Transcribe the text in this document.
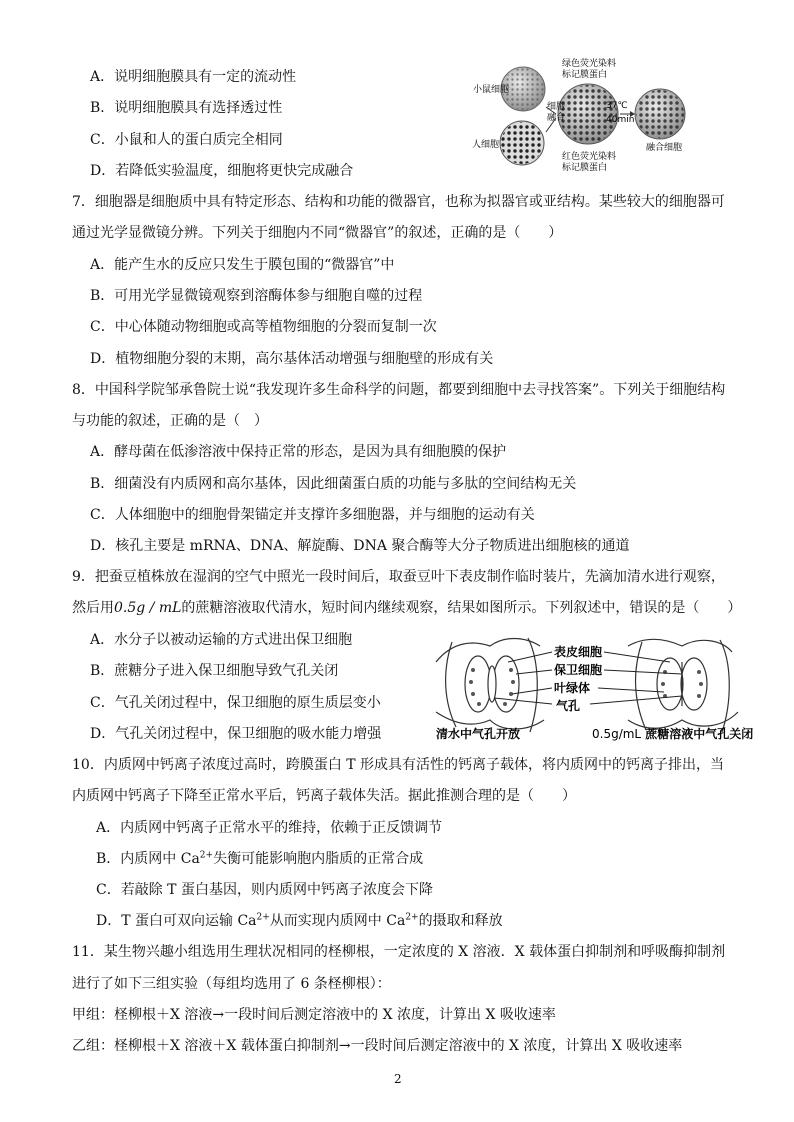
A．说明细胞膜具有一定的流动性
B．说明细胞膜具有选择透过性
C．小鼠和人的蛋白质完全相同
D．若降低实验温度，细胞将更快完成融合
小鼠细胞
人细胞
绿色荧光染料
标记膜蛋白
细胞
融合
37℃
40min
红色荧光染料
标记膜蛋白
融合细胞
7．细胞器是细胞质中具有特定形态、结构和功能的微器官，也称为拟器官或亚结构。某些较大的细胞器可
通过光学显微镜分辨。下列关于细胞内不同“微器官”的叙述，正确的是（　　）
A．能产生水的反应只发生于膜包围的“微器官”中
B．可用光学显微镜观察到溶酶体参与细胞自噬的过程
C．中心体随动物细胞或高等植物细胞的分裂而复制一次
D．植物细胞分裂的末期，高尔基体活动增强与细胞壁的形成有关
8．中国科学院邹承鲁院士说“我发现许多生命科学的问题，都要到细胞中去寻找答案”。下列关于细胞结构
与功能的叙述，正确的是（　）
A．酵母菌在低渗溶液中保持正常的形态，是因为具有细胞膜的保护
B．细菌没有内质网和高尔基体，因此细菌蛋白质的功能与多肽的空间结构无关
C．人体细胞中的细胞骨架锚定并支撑许多细胞器，并与细胞的运动有关
D．核孔主要是 mRNA、DNA、解旋酶、DNA 聚合酶等大分子物质进出细胞核的通道
9．把蚕豆植株放在湿润的空气中照光一段时间后，取蚕豆叶下表皮制作临时装片，先滴加清水进行观察，
然后用0.5g / mL的蔗糖溶液取代清水，短时间内继续观察，结果如图所示。下列叙述中，错误的是（　　）
A．水分子以被动运输的方式进出保卫细胞
B．蔗糖分子进入保卫细胞导致气孔关闭
C．气孔关闭过程中，保卫细胞的原生质层变小
D．气孔关闭过程中，保卫细胞的吸水能力增强
表皮细胞
保卫细胞
叶绿体
气孔
清水中气孔开放	0.5g/mL 蔗糖溶液中气孔关闭
10．内质网中钙离子浓度过高时，跨膜蛋白 T 形成具有活性的钙离子载体，将内质网中的钙离子排出，当
内质网中钙离子下降至正常水平后，钙离子载体失活。据此推测合理的是（　　）
A．内质网中钙离子正常水平的维持，依赖于正反馈调节
B．内质网中 $Ca^{2+}$失衡可能影响胞内脂质的正常合成
C．若敲除 T 蛋白基因，则内质网中钙离子浓度会下降
D．T 蛋白可双向运输 $Ca^{2+}$从而实现内质网中 $Ca^{2+}$的摄取和释放
11．某生物兴趣小组选用生理状况相同的柽柳根，一定浓度的 X 溶液．X 载体蛋白抑制剂和呼吸酶抑制剂
进行了如下三组实验（每组均选用了 6 条柽柳根）：
甲组：柽柳根＋X 溶液→一段时间后测定溶液中的 X 浓度，计算出 X 吸收速率
乙组：柽柳根＋X 溶液＋X 载体蛋白抑制剂→一段时间后测定溶液中的 X 浓度，计算出 X 吸收速率
2
